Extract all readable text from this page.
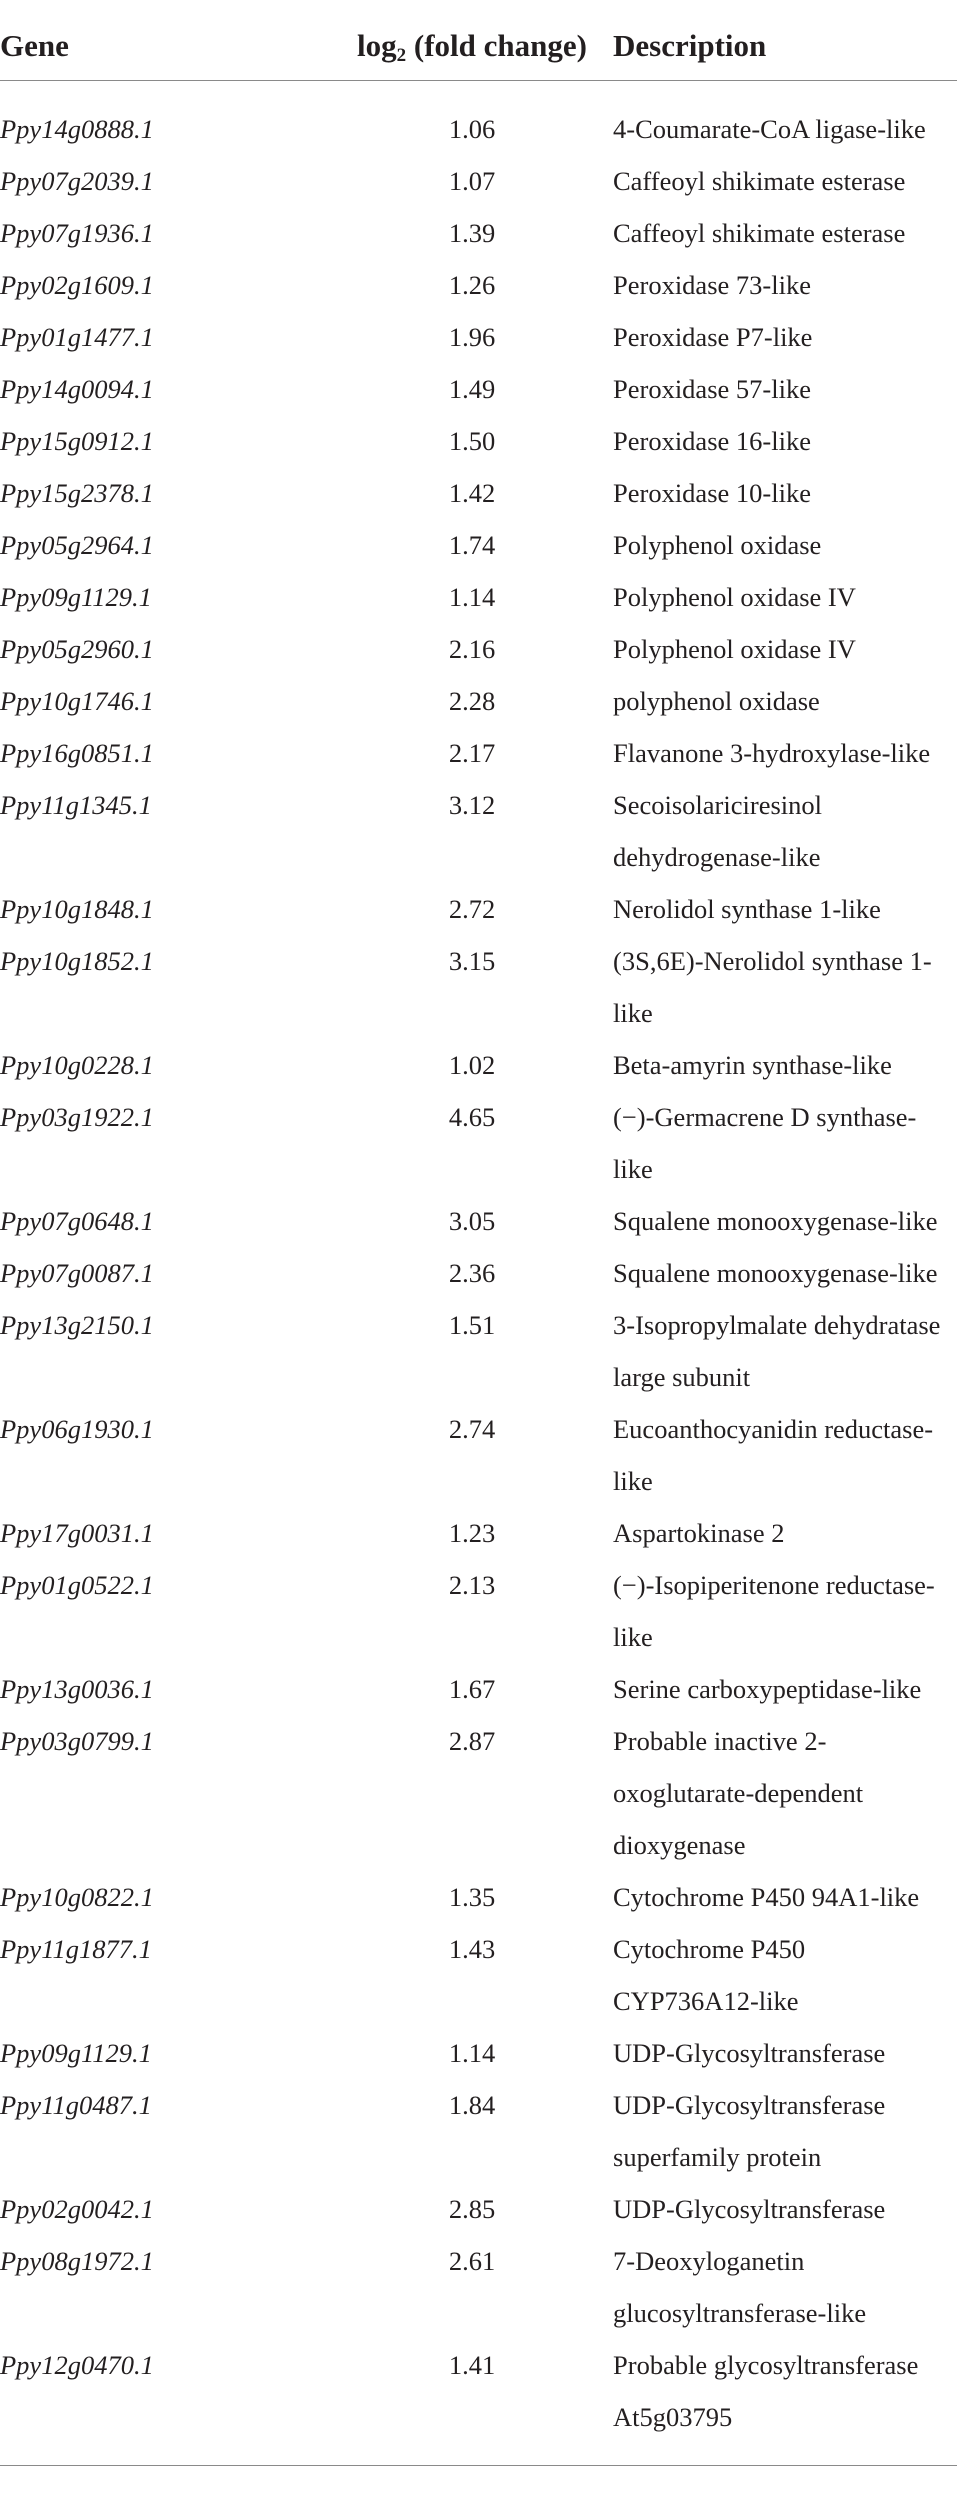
Gene	$\log_2$ (fold change)	Description
Ppy14g0888.1	1.06	4-Coumarate-CoA ligase-like
Ppy07g2039.1	1.07	Caffeoyl shikimate esterase
Ppy07g1936.1	1.39	Caffeoyl shikimate esterase
Ppy02g1609.1	1.26	Peroxidase 73-like
Ppy01g1477.1	1.96	Peroxidase P7-like
Ppy14g0094.1	1.49	Peroxidase 57-like
Ppy15g0912.1	1.50	Peroxidase 16-like
Ppy15g2378.1	1.42	Peroxidase 10-like
Ppy05g2964.1	1.74	Polyphenol oxidase
Ppy09g1129.1	1.14	Polyphenol oxidase IV
Ppy05g2960.1	2.16	Polyphenol oxidase IV
Ppy10g1746.1	2.28	polyphenol oxidase
Ppy16g0851.1	2.17	Flavanone 3-hydroxylase-like
Ppy11g1345.1	3.12	Secoisolariciresinol dehydrogenase-like
Ppy10g1848.1	2.72	Nerolidol synthase 1-like
Ppy10g1852.1	3.15	(3S,6E)-Nerolidol synthase 1-like
Ppy10g0228.1	1.02	Beta-amyrin synthase-like
Ppy03g1922.1	4.65	(−)-Germacrene D synthase-like
Ppy07g0648.1	3.05	Squalene monooxygenase-like
Ppy07g0087.1	2.36	Squalene monooxygenase-like
Ppy13g2150.1	1.51	3-Isopropylmalate dehydratase large subunit
Ppy06g1930.1	2.74	Eucoanthocyanidin reductase-like
Ppy17g0031.1	1.23	Aspartokinase 2
Ppy01g0522.1	2.13	(−)-Isopiperitenone reductase-like
Ppy13g0036.1	1.67	Serine carboxypeptidase-like
Ppy03g0799.1	2.87	Probable inactive 2-oxoglutarate-dependent dioxygenase
Ppy10g0822.1	1.35	Cytochrome P450 94A1-like
Ppy11g1877.1	1.43	Cytochrome P450 CYP736A12-like
Ppy09g1129.1	1.14	UDP-Glycosyltransferase
Ppy11g0487.1	1.84	UDP-Glycosyltransferase superfamily protein
Ppy02g0042.1	2.85	UDP-Glycosyltransferase
Ppy08g1972.1	2.61	7-Deoxyloganetin glucosyltransferase-like
Ppy12g0470.1	1.41	Probable glycosyltransferase At5g03795
